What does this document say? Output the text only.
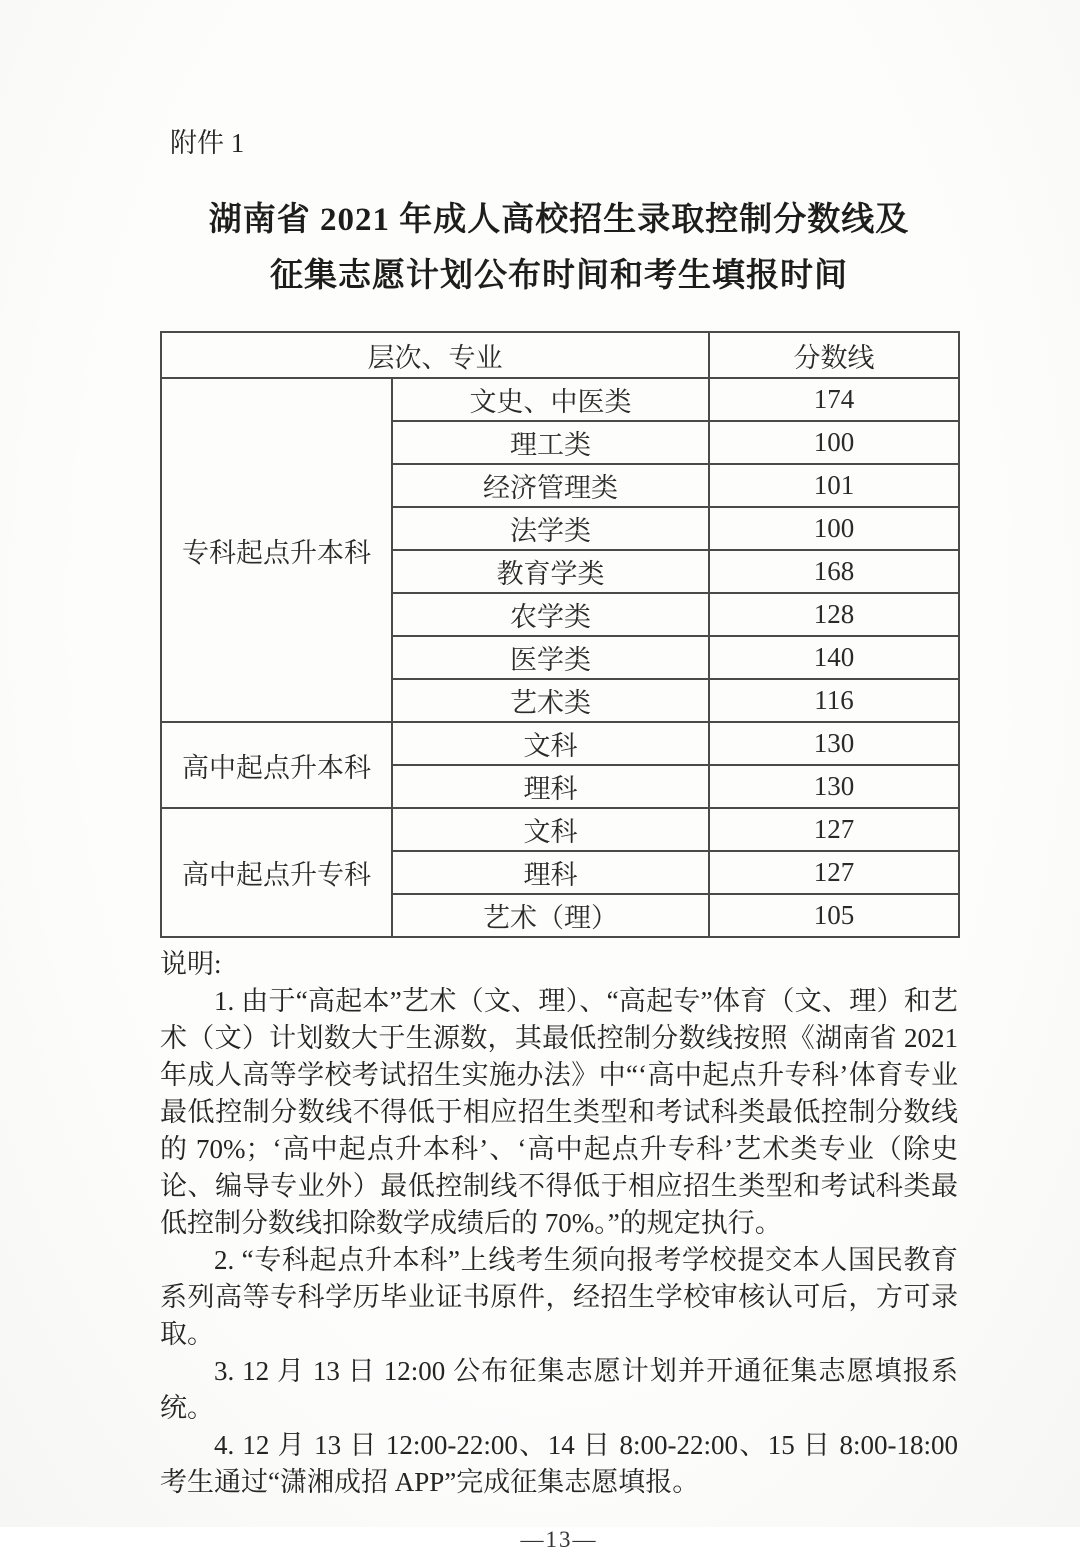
附件 1
湖南省 2021 年成人高校招生录取控制分数线及
征集志愿计划公布时间和考生填报时间
层次、专业		分数线
专科起点升本科	文史、中医类	174
	理工类	100
	经济管理类	101
	法学类	100
	教育学类	168
	农学类	128
	医学类	140
	艺术类	116
高中起点升本科	文科	130
	理科	130
高中起点升专科	文科	127
	理科	127
	艺术（理）	105

说明:

1. 由于“高起本”艺术（文、理）、“高起专”体育（文、理）和艺术（文）计划数大于生源数，其最低控制分数线按照《湖南省 2021 年成人高等学校考试招生实施办法》中“‘高中起点升专科’体育专业最低控制分数线不得低于相应招生类型和考试科类最低控制分数线的 70%；‘高中起点升本科’、‘高中起点升专科’艺术类专业（除史论、编导专业外）最低控制线不得低于相应招生类型和考试科类最低控制分数线扣除数学成绩后的 70%。”的规定执行。

2. “专科起点升本科”上线考生须向报考学校提交本人国民教育系列高等专科学历毕业证书原件，经招生学校审核认可后，方可录取。

3. 12 月 13 日 12:00 公布征集志愿计划并开通征集志愿填报系统。

4. 12 月 13 日 12:00-22:00、14 日 8:00-22:00、15 日 8:00-18:00 考生通过“潇湘成招 APP”完成征集志愿填报。

—13—
